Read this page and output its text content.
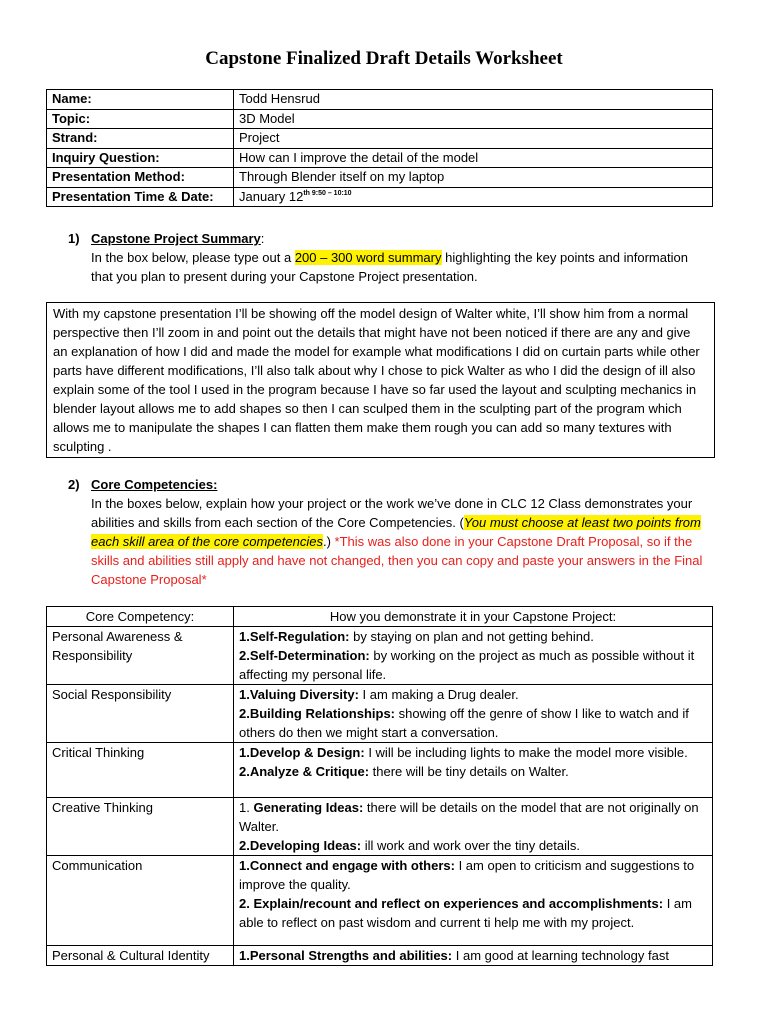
Capstone Finalized Draft Details Worksheet
Name:	Todd Hensrud
Topic:	3D Model
Strand:	Project
Inquiry Question:	How can I improve the detail of the model
Presentation Method:	Through Blender itself on my laptop
Presentation Time & Date:	January $12^{th 9:50 - 10:10}$
1) Capstone Project Summary:
In the box below, please type out a 200 – 300 word summary highlighting the key points and information that you plan to present during your Capstone Project presentation.
With my capstone presentation I’ll be showing off the model design of Walter white, I’ll show him from a normal perspective then I’ll zoom in and point out the details that might have not been noticed if there are any and give an explanation of how I did and made the model for example what modifications I did on curtain parts while other parts have different modifications, I’ll also talk about why I chose to pick Walter as who I did the design of ill also explain some of the tool I used in the program because I have so far used the layout and sculpting mechanics in blender layout allows me to add shapes so then I can sculped them in the sculpting part of the program which allows me to manipulate the shapes I can flatten them make them rough you can add so many textures with sculpting .
2) Core Competencies:
In the boxes below, explain how your project or the work we’ve done in CLC 12 Class demonstrates your abilities and skills from each section of the Core Competencies. (You must choose at least two points from each skill area of the core competencies.) *This was also done in your Capstone Draft Proposal, so if the skills and abilities still apply and have not changed, then you can copy and paste your answers in the Final Capstone Proposal*
Core Competency:	How you demonstrate it in your Capstone Project:
Personal Awareness & Responsibility	1.Self-Regulation: by staying on plan and not getting behind.
2.Self-Determination: by working on the project as much as possible without it affecting my personal life.

Social Responsibility	1.Valuing Diversity: I am making a Drug dealer.
2.Building Relationships: showing off the genre of show I like to watch and if others do then we might start a conversation.

Critical Thinking	1.Develop & Design: I will be including lights to make the model more visible.
2.Analyze & Critique: there will be tiny details on Walter.

Creative Thinking	1. Generating Ideas: there will be details on the model that are not originally on Walter.
2.Developing Ideas: ill work and work over the tiny details.

Communication	1.Connect and engage with others: I am open to criticism and suggestions to improve the quality.
2. Explain/recount and reflect on experiences and accomplishments: I am able to reflect on past wisdom and current ti help me with my project.

Personal & Cultural Identity	1.Personal Strengths and abilities: I am good at learning technology fast
